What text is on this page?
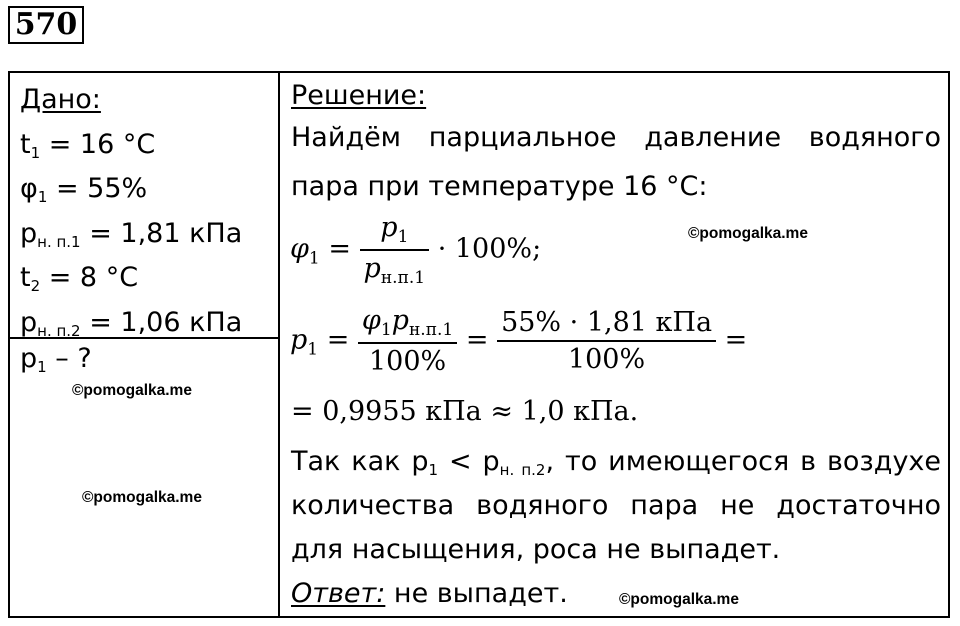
570
Дано:
$t_1 = 16$ °C
$\varphi_1 = 55\%$
$p_{н. п.1} = 1,81$ кПа
$t_2 = 8$ °C
$p_{н. п.2} = 1,06$ кПа
$p_1$ – ?
©pomogalka.me
©pomogalka.me
©pomogalka.me
©pomogalka.me
Решение:
Найдём парциальное давление водяного
пара при температуре 16 °С:
$\varphi_1 = \frac{p_1}{p_{н.п.1}} \cdot 100\%$;
$p_1 = \frac{\varphi_1p_{н.п.1}}{100\%} = \frac{\text{55\% · 1,81 кПа}}{100\%}$ =
= 0,9955 кПа ≈ 1,0 кПа.
Так как $p_1 < p_{н. п.2}$, то имеющегося в воздухе
количества водяного пара не достаточно
для насыщения, роса не выпадет.
Ответ: не выпадет.
